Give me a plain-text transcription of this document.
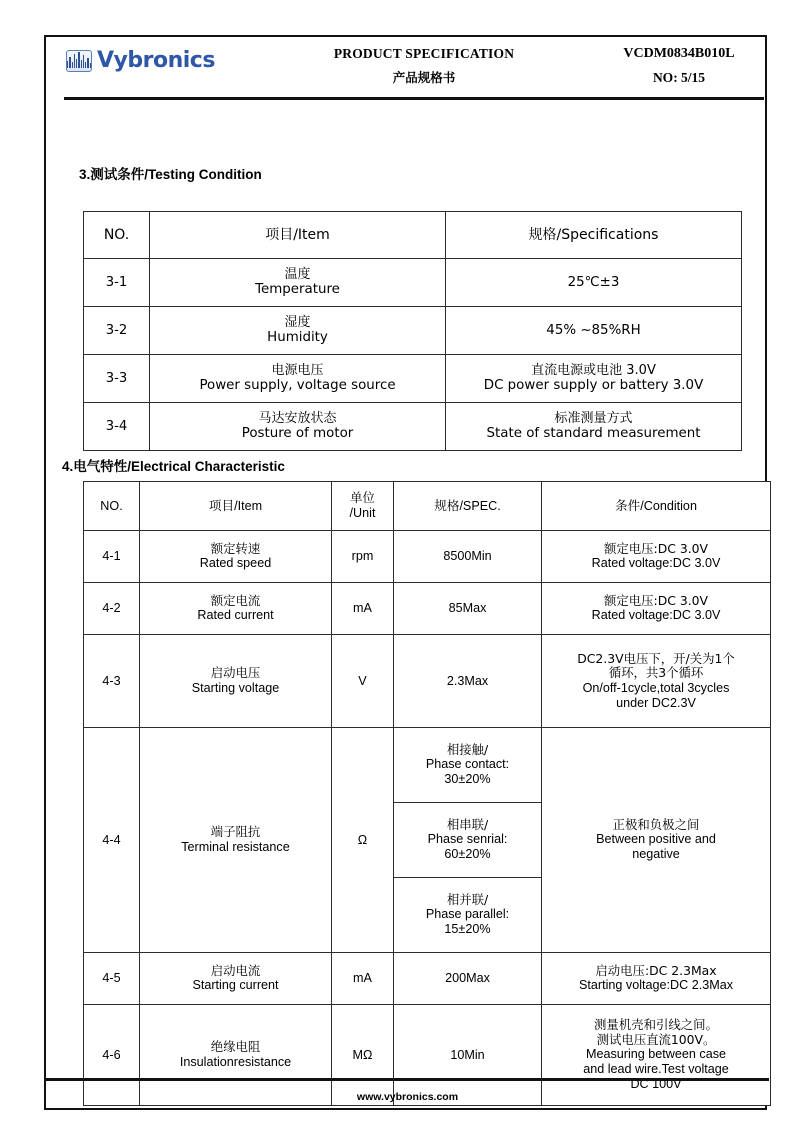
Vybronics	PRODUCT SPECIFICATION
产品规格书
VCDM0834B010L
NO: 5/15
3.测试条件/Testing Condition
NO.	项目/Item	规格/Specifications
3-1	温度
Temperature	25℃±3

3-2	湿度
Humidity	45% ~85%RH

3-3	电源电压
Power supply, voltage source	直流电源或电池 3.0V
DC power supply or battery 3.0V

3-4	马达安放状态
Posture of motor	标准测量方式
State of standard measurement
4.电气特性/Electrical Characteristic
NO.	项目/Item	单位
/Unit	规格/SPEC.	条件/Condition
4-1	额定转速
Rated speed	rpm	8500Min	额定电压:DC 3.0V
Rated voltage:DC 3.0V

4-2	额定电流
Rated current	mA	85Max	额定电压:DC 3.0V
Rated voltage:DC 3.0V

4-3	启动电压
Starting voltage	V	2.3Max	DC2.3V电压下，开/关为1个
循环，共3个循环
On/off-1cycle,total 3cycles
under DC2.3V

4-4	端子阻抗
Terminal resistance	Ω	相接触/
Phase contact:
30±20%	正极和负极之间
Between positive and
negative

			相串联/
Phase senrial:
60±20%	

			相并联/
Phase parallel:
15±20%	

4-5	启动电流
Starting current	mA	200Max	启动电压:DC 2.3Max
Starting voltage:DC 2.3Max

4-6	绝缘电阻
Insulationresistance	MΩ	10Min	测量机壳和引线之间。
测试电压直流100V。
Measuring between case
and lead wire.Test voltage
DC 100V
www.vybronics.com
